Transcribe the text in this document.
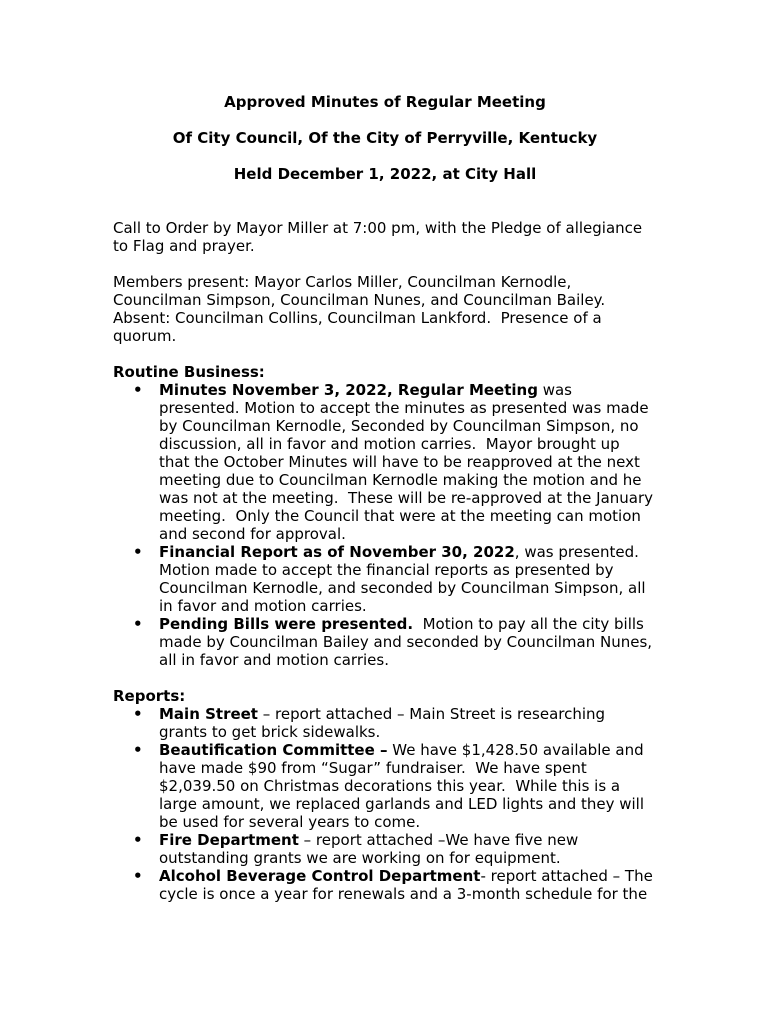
Approved Minutes of Regular Meeting
Of City Council, Of the City of Perryville, Kentucky
Held December 1, 2022, at City Hall
Call to Order by Mayor Miller at 7:00 pm, with the Pledge of allegiance
to Flag and prayer.
Members present: Mayor Carlos Miller, Councilman Kernodle,
Councilman Simpson, Councilman Nunes, and Councilman Bailey.
Absent: Councilman Collins, Councilman Lankford.  Presence of a
quorum.
Routine Business:
• Minutes November 3, 2022, Regular Meeting was
presented. Motion to accept the minutes as presented was made
by Councilman Kernodle, Seconded by Councilman Simpson, no
discussion, all in favor and motion carries.  Mayor brought up
that the October Minutes will have to be reapproved at the next
meeting due to Councilman Kernodle making the motion and he
was not at the meeting.  These will be re-approved at the January
meeting.  Only the Council that were at the meeting can motion
and second for approval.
• Financial Report as of November 30, 2022, was presented.
Motion made to accept the financial reports as presented by
Councilman Kernodle, and seconded by Councilman Simpson, all
in favor and motion carries.
• Pending Bills were presented.  Motion to pay all the city bills
made by Councilman Bailey and seconded by Councilman Nunes,
all in favor and motion carries.
Reports:
• Main Street – report attached – Main Street is researching
grants to get brick sidewalks.
• Beautification Committee – We have $1,428.50 available and
have made $90 from “Sugar” fundraiser.  We have spent
$2,039.50 on Christmas decorations this year.  While this is a
large amount, we replaced garlands and LED lights and they will
be used for several years to come.
• Fire Department – report attached –We have five new
outstanding grants we are working on for equipment.
• Alcohol Beverage Control Department- report attached – The
cycle is once a year for renewals and a 3-month schedule for the
